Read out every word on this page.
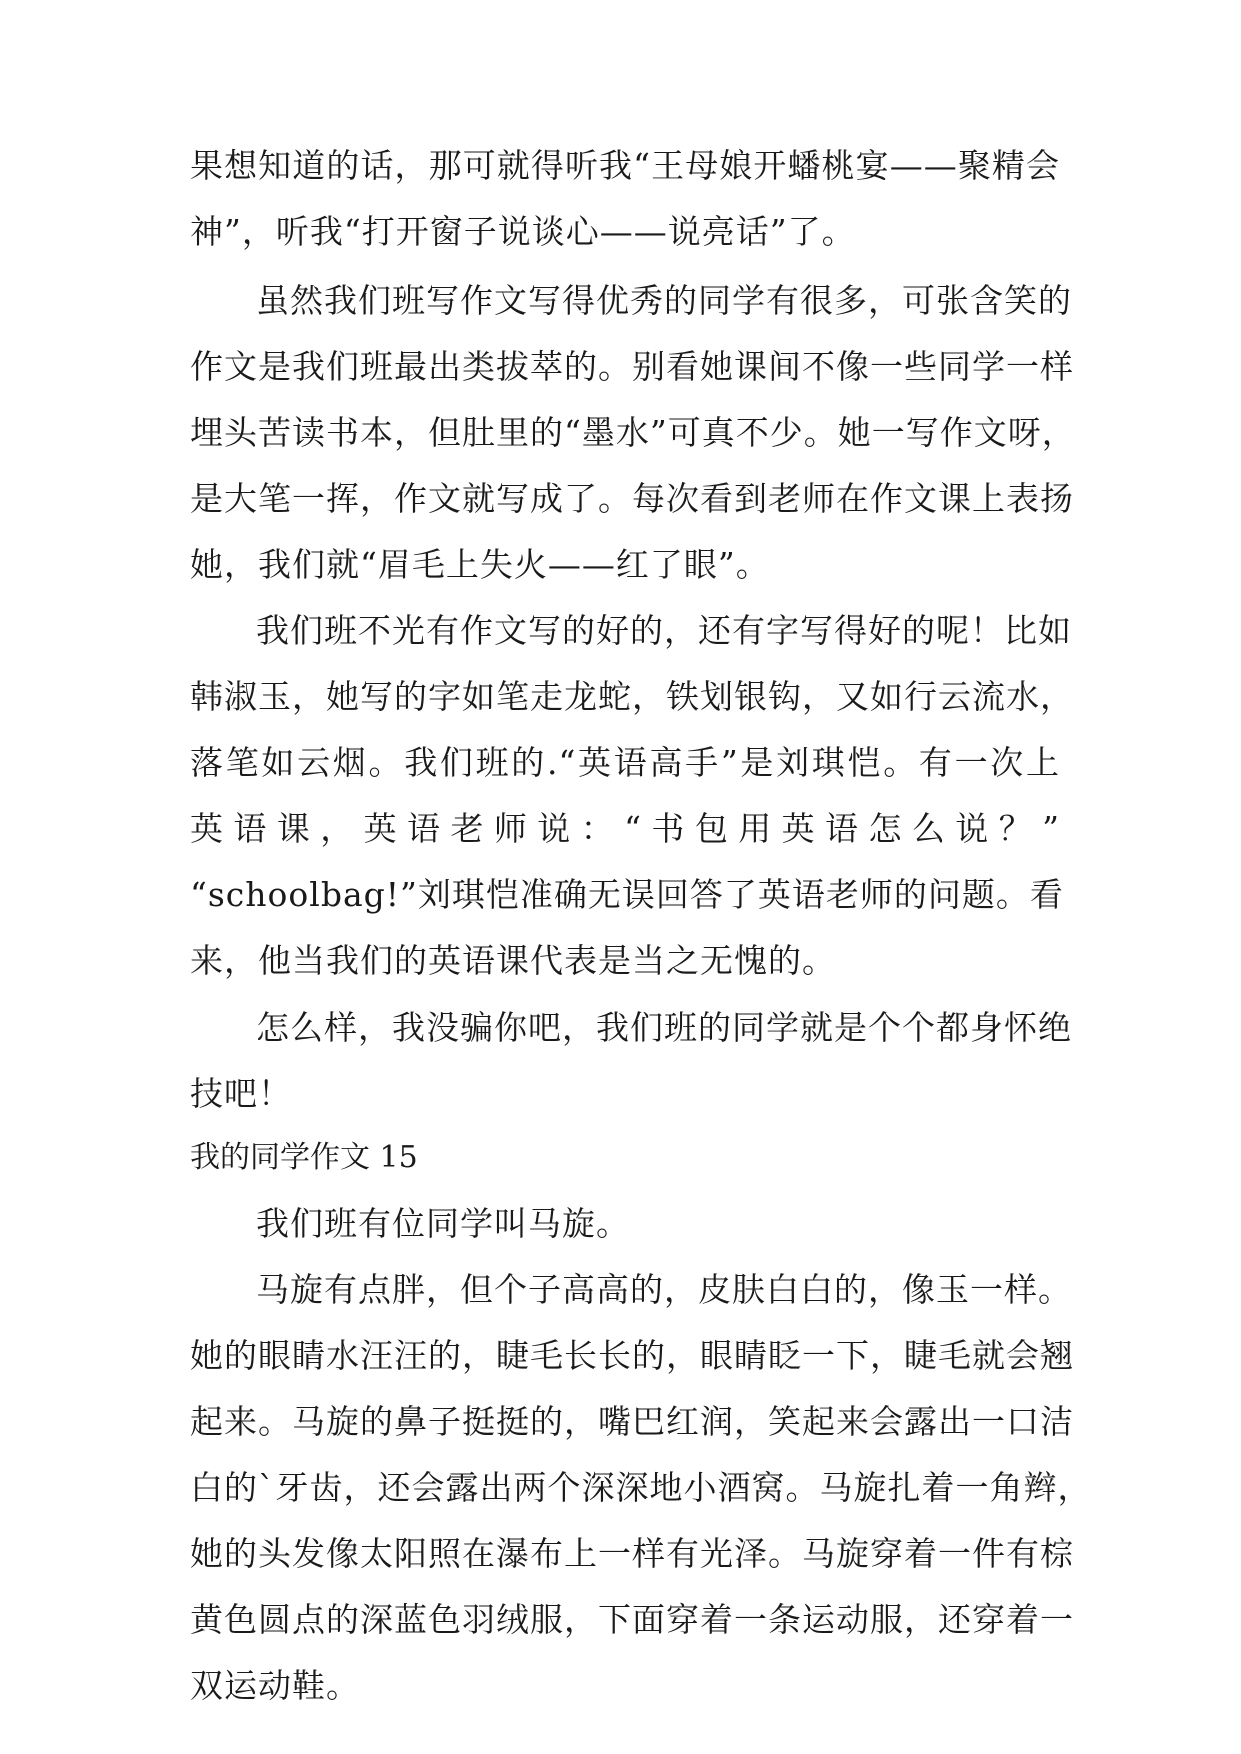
果想知道的话，那可就得听我“王母娘开蟠桃宴——聚精会
神”，听我“打开窗子说谈心——说亮话”了。
虽然我们班写作文写得优秀的同学有很多，可张含笑的
作文是我们班最出类拔萃的。别看她课间不像一些同学一样
埋头苦读书本，但肚里的“墨水”可真不少。她一写作文呀，
是大笔一挥，作文就写成了。每次看到老师在作文课上表扬
她，我们就“眉毛上失火——红了眼”。
我们班不光有作文写的好的，还有字写得好的呢！比如
韩淑玉，她写的字如笔走龙蛇，铁划银钩，又如行云流水，
落笔如云烟。我们班的.“英语高手”是刘琪恺。有一次上
英语课，英语老师说：“书包用英语怎么说？”
“schoolbag!”刘琪恺准确无误回答了英语老师的问题。看
来，他当我们的英语课代表是当之无愧的。
怎么样，我没骗你吧，我们班的同学就是个个都身怀绝
技吧！
我的同学作文 15
我们班有位同学叫马旋。
马旋有点胖，但个子高高的，皮肤白白的，像玉一样。
她的眼睛水汪汪的，睫毛长长的，眼睛眨一下，睫毛就会翘
起来。马旋的鼻子挺挺的，嘴巴红润，笑起来会露出一口洁
白的`牙齿，还会露出两个深深地小酒窝。马旋扎着一角辫，
她的头发像太阳照在瀑布上一样有光泽。马旋穿着一件有棕
黄色圆点的深蓝色羽绒服，下面穿着一条运动服，还穿着一
双运动鞋。
